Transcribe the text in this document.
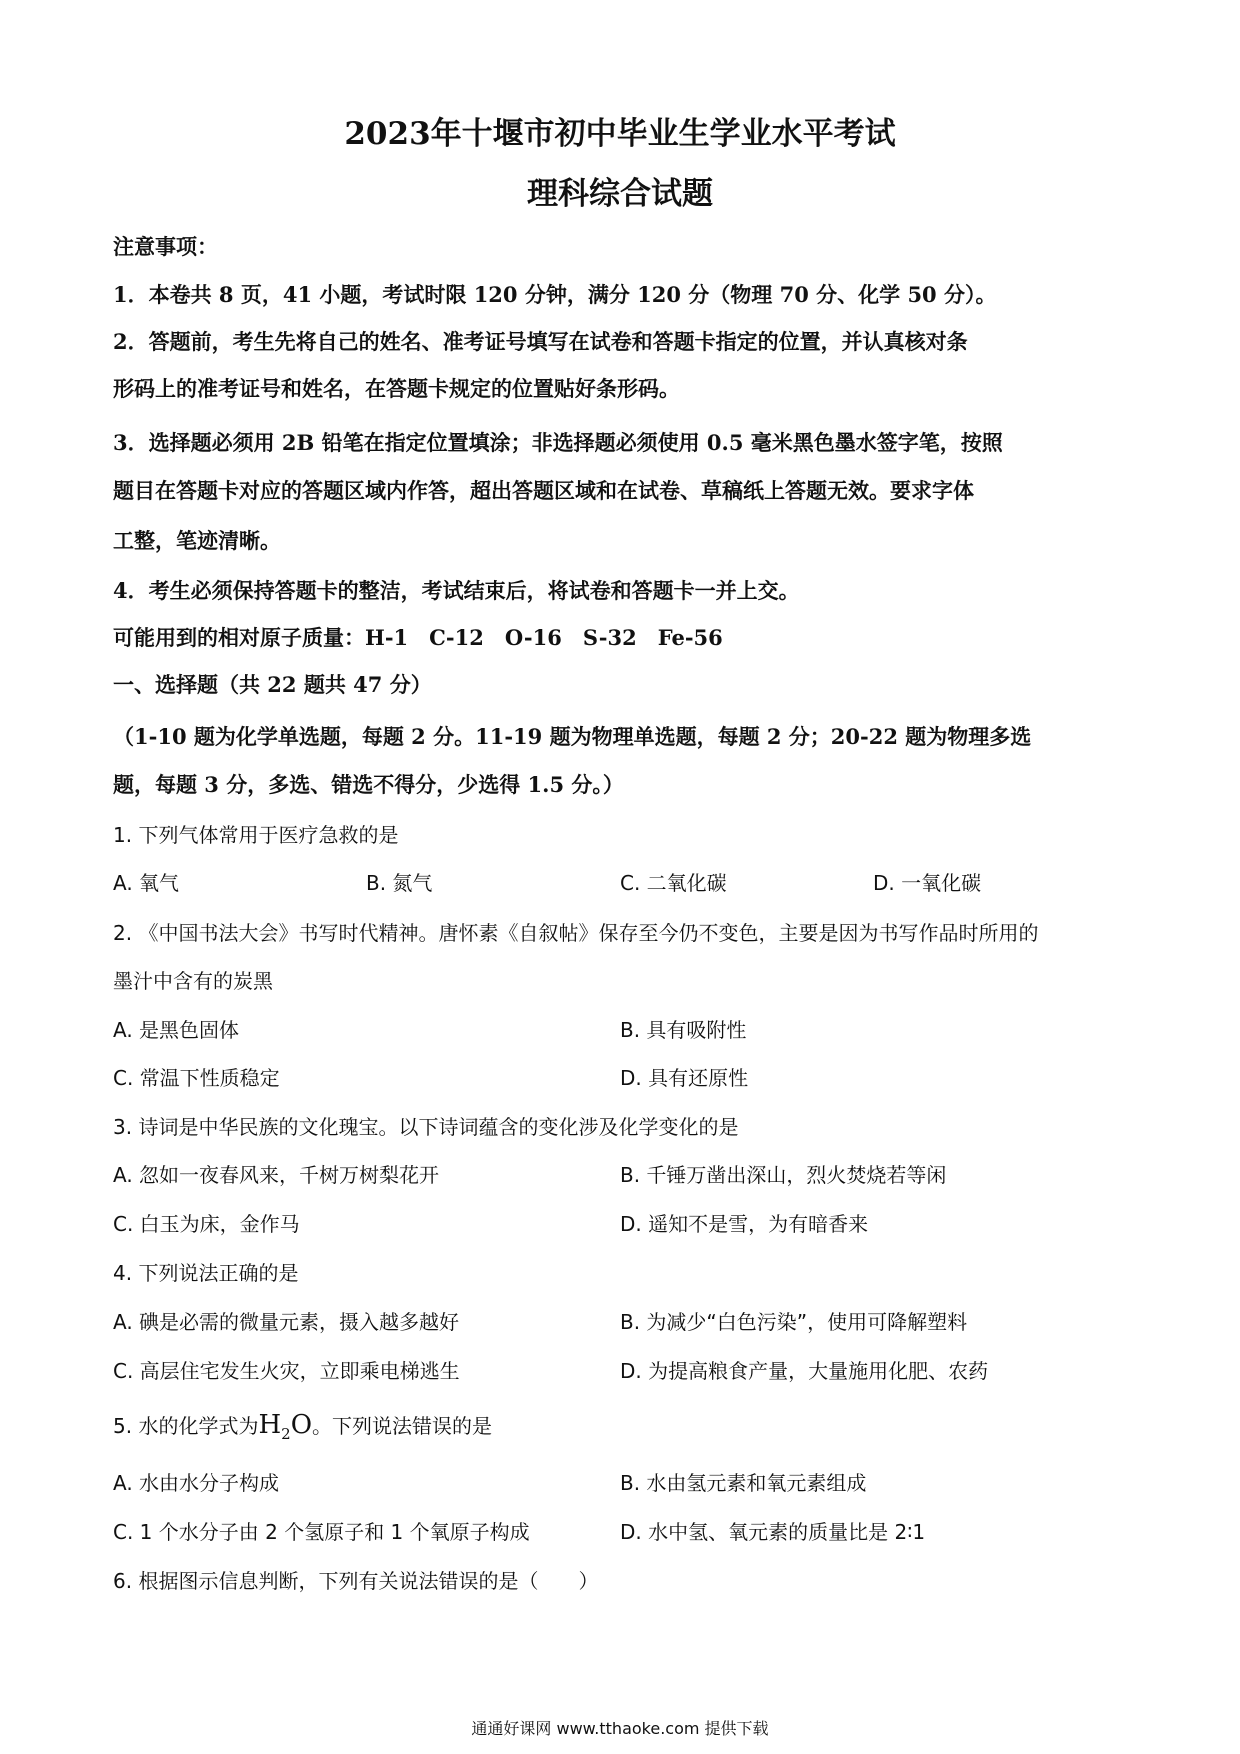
2023年十堰市初中毕业生学业水平考试
理科综合试题
注意事项：
1．本卷共 8 页，41 小题，考试时限 120 分钟，满分 120 分（物理 70 分、化学 50 分）。
2．答题前，考生先将自己的姓名、准考证号填写在试卷和答题卡指定的位置，并认真核对条
形码上的准考证号和姓名，在答题卡规定的位置贴好条形码。
3．选择题必须用 2B 铅笔在指定位置填涂；非选择题必须使用 0.5 毫米黑色墨水签字笔，按照
题目在答题卡对应的答题区域内作答，超出答题区域和在试卷、草稿纸上答题无效。要求字体
工整，笔迹清晰。
4．考生必须保持答题卡的整洁，考试结束后，将试卷和答题卡一并上交。
可能用到的相对原子质量：H-1　C-12　O-16　S-32　Fe-56
一、选择题（共 22 题共 47 分）
（1-10 题为化学单选题，每题 2 分。11-19 题为物理单选题，每题 2 分；20-22 题为物理多选
题，每题 3 分，多选、错选不得分，少选得 1.5 分。）
1. 下列气体常用于医疗急救的是
A. 氧气	B. 氮气	C. 二氧化碳	D. 一氧化碳
2. 《中国书法大会》书写时代精神。唐怀素《自叙帖》保存至今仍不变色，主要是因为书写作品时所用的
墨汁中含有的炭黑
A. 是黑色固体	B. 具有吸附性
C. 常温下性质稳定	D. 具有还原性
3. 诗词是中华民族的文化瑰宝。以下诗词蕴含的变化涉及化学变化的是
A. 忽如一夜春风来，千树万树梨花开	B. 千锤万凿出深山，烈火焚烧若等闲
C. 白玉为床，金作马	D. 遥知不是雪，为有暗香来
4. 下列说法正确的是
A. 碘是必需的微量元素，摄入越多越好	B. 为减少“白色污染”，使用可降解塑料
C. 高层住宅发生火灾，立即乘电梯逃生	D. 为提高粮食产量，大量施用化肥、农药
5. 水的化学式为$H_2O$。下列说法错误的是
A. 水由水分子构成	B. 水由氢元素和氧元素组成
C. 1 个水分子由 2 个氢原子和 1 个氧原子构成	D. 水中氢、氧元素的质量比是 2∶1
6. 根据图示信息判断，下列有关说法错误的是（　　）
通通好课网 www.tthaoke.com 提供下载
